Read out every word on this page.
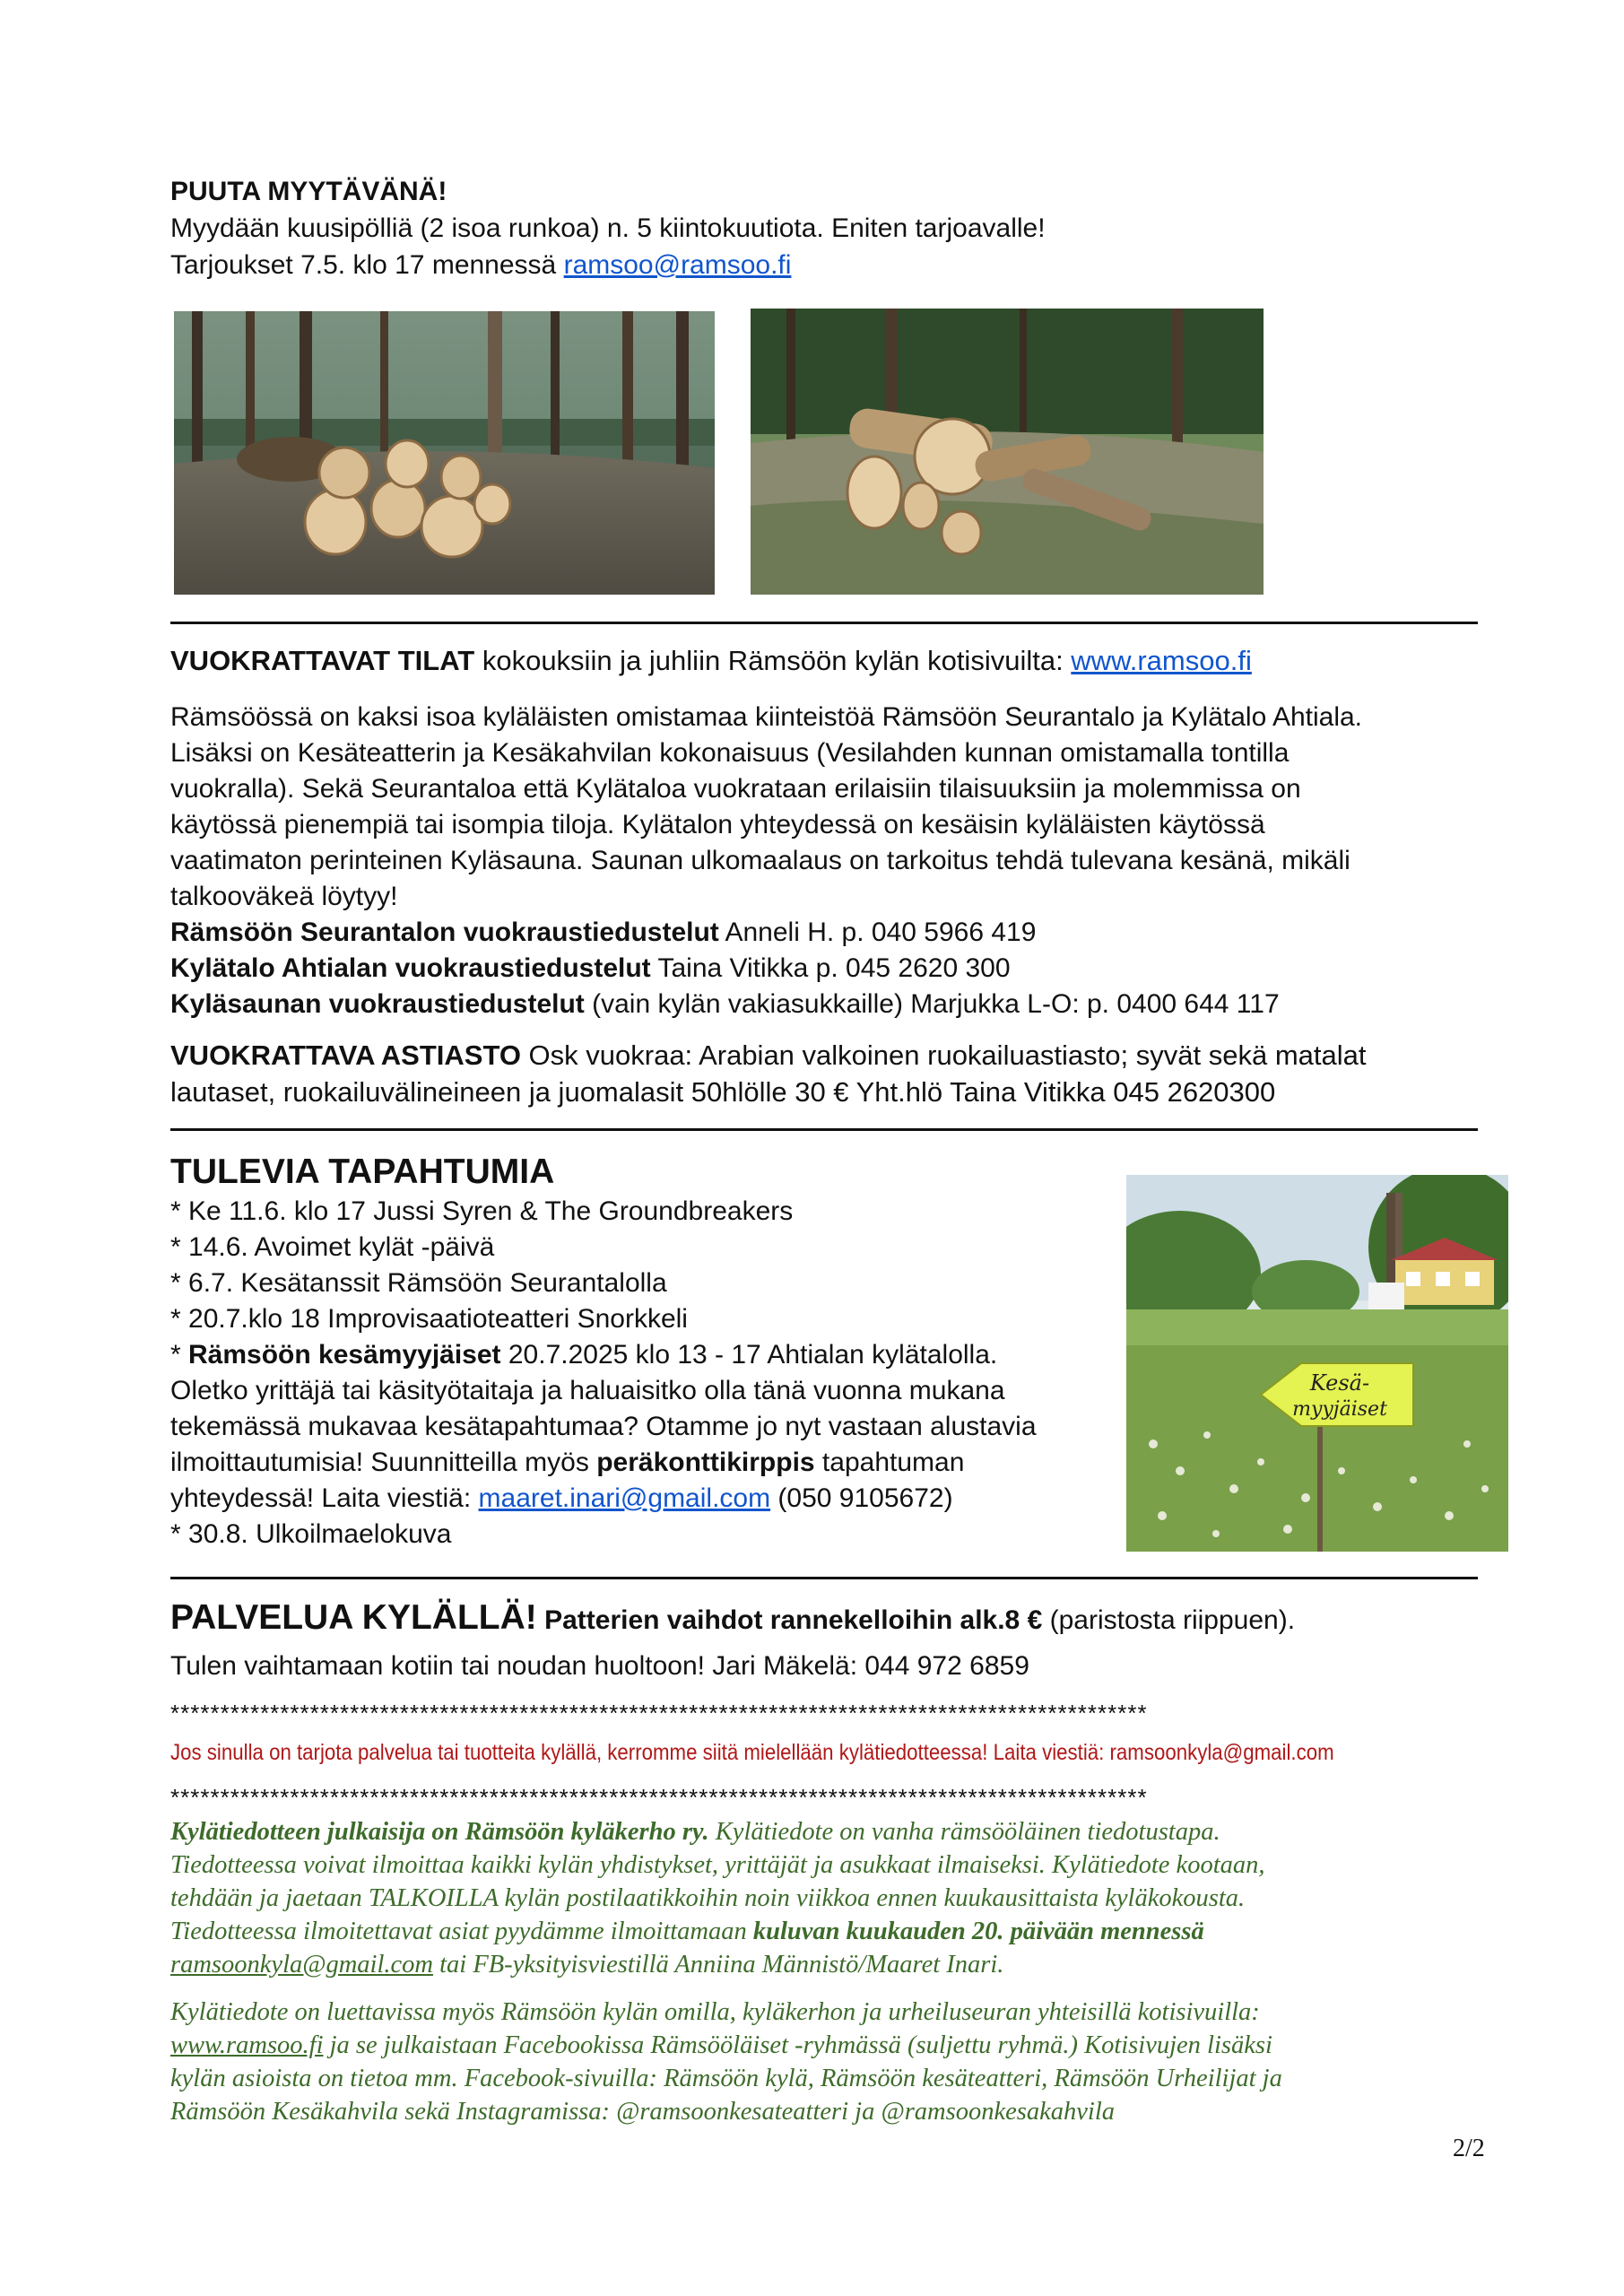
PUUTA MYYTÄVÄNÄ!
Myydään kuusipölliä (2 isoa runkoa) n. 5 kiintokuutiota. Eniten tarjoavalle!
Tarjoukset 7.5. klo 17 mennessä ramsoo@ramsoo.fi
VUOKRATTAVAT TILAT kokouksiin ja juhliin Rämsöön kylän kotisivuilta: www.ramsoo.fi
Rämsöössä on kaksi isoa kyläläisten omistamaa kiinteistöä Rämsöön Seurantalo ja Kylätalo Ahtiala.
Lisäksi on Kesäteatterin ja Kesäkahvilan kokonaisuus (Vesilahden kunnan omistamalla tontilla
vuokralla). Sekä Seurantaloa että Kylätaloa vuokrataan erilaisiin tilaisuuksiin ja molemmissa on
käytössä pienempiä tai isompia tiloja. Kylätalon yhteydessä on kesäisin kyläläisten käytössä
vaatimaton perinteinen Kyläsauna. Saunan ulkomaalaus on tarkoitus tehdä tulevana kesänä, mikäli
talkooväkeä löytyy!
Rämsöön Seurantalon vuokraustiedustelut Anneli H. p. 040 5966 419
Kylätalo Ahtialan vuokraustiedustelut Taina Vitikka p. 045 2620 300
Kyläsaunan vuokraustiedustelut (vain kylän vakiasukkaille) Marjukka L-O: p. 0400 644 117
VUOKRATTAVA ASTIASTO Osk vuokraa: Arabian valkoinen ruokailuastiasto; syvät sekä matalat
lautaset, ruokailuvälineineen ja juomalasit 50hlölle 30 € Yht.hlö Taina Vitikka 045 2620300
TULEVIA TAPAHTUMIA
* Ke 11.6. klo 17 Jussi Syren & The Groundbreakers
* 14.6. Avoimet kylät -päivä
* 6.7. Kesätanssit Rämsöön Seurantalolla
* 20.7.klo 18 Improvisaatioteatteri Snorkkeli
* Rämsöön kesämyyjäiset 20.7.2025 klo 13 - 17 Ahtialan kylätalolla.
Oletko yrittäjä tai käsityötaitaja ja haluaisitko olla tänä vuonna mukana
tekemässä mukavaa kesätapahtumaa? Otamme jo nyt vastaan alustavia
ilmoittautumisia! Suunnitteilla myös peräkonttikirppis tapahtuman
yhteydessä! Laita viestiä: maaret.inari@gmail.com (050 9105672)
* 30.8. Ulkoilmaelokuva
Kesä-
myyjäiset
PALVELUA KYLÄLLÄ! Patterien vaihdot rannekelloihin alk.8 € (paristosta riippuen).
Tulen vaihtamaan kotiin tai noudan huoltoon! Jari Mäkelä: 044 972 6859
**************************************************************************************************
Jos sinulla on tarjota palvelua tai tuotteita kylällä, kerromme siitä mielellään kylätiedotteessa! Laita viestiä: ramsoonkyla@gmail.com
**************************************************************************************************
Kylätiedotteen julkaisija on Rämsöön kyläkerho ry. Kylätiedote on vanha rämsööläinen tiedotustapa.
Tiedotteessa voivat ilmoittaa kaikki kylän yhdistykset, yrittäjät ja asukkaat ilmaiseksi. Kylätiedote kootaan,
tehdään ja jaetaan TALKOILLA kylän postilaatikkoihin noin viikkoa ennen kuukausittaista kyläkokousta.
Tiedotteessa ilmoitettavat asiat pyydämme ilmoittamaan kuluvan kuukauden 20. päivään mennessä
ramsoonkyla@gmail.com tai FB-yksityisviestillä Anniina Männistö/Maaret Inari.
Kylätiedote on luettavissa myös Rämsöön kylän omilla, kyläkerhon ja urheiluseuran yhteisillä kotisivuilla:
www.ramsoo.fi ja se julkaistaan Facebookissa Rämsööläiset -ryhmässä (suljettu ryhmä.) Kotisivujen lisäksi
kylän asioista on tietoa mm. Facebook-sivuilla: Rämsöön kylä, Rämsöön kesäteatteri, Rämsöön Urheilijat ja
Rämsöön Kesäkahvila sekä Instagramissa: @ramsoonkesateatteri ja @ramsoonkesakahvila
2/2
